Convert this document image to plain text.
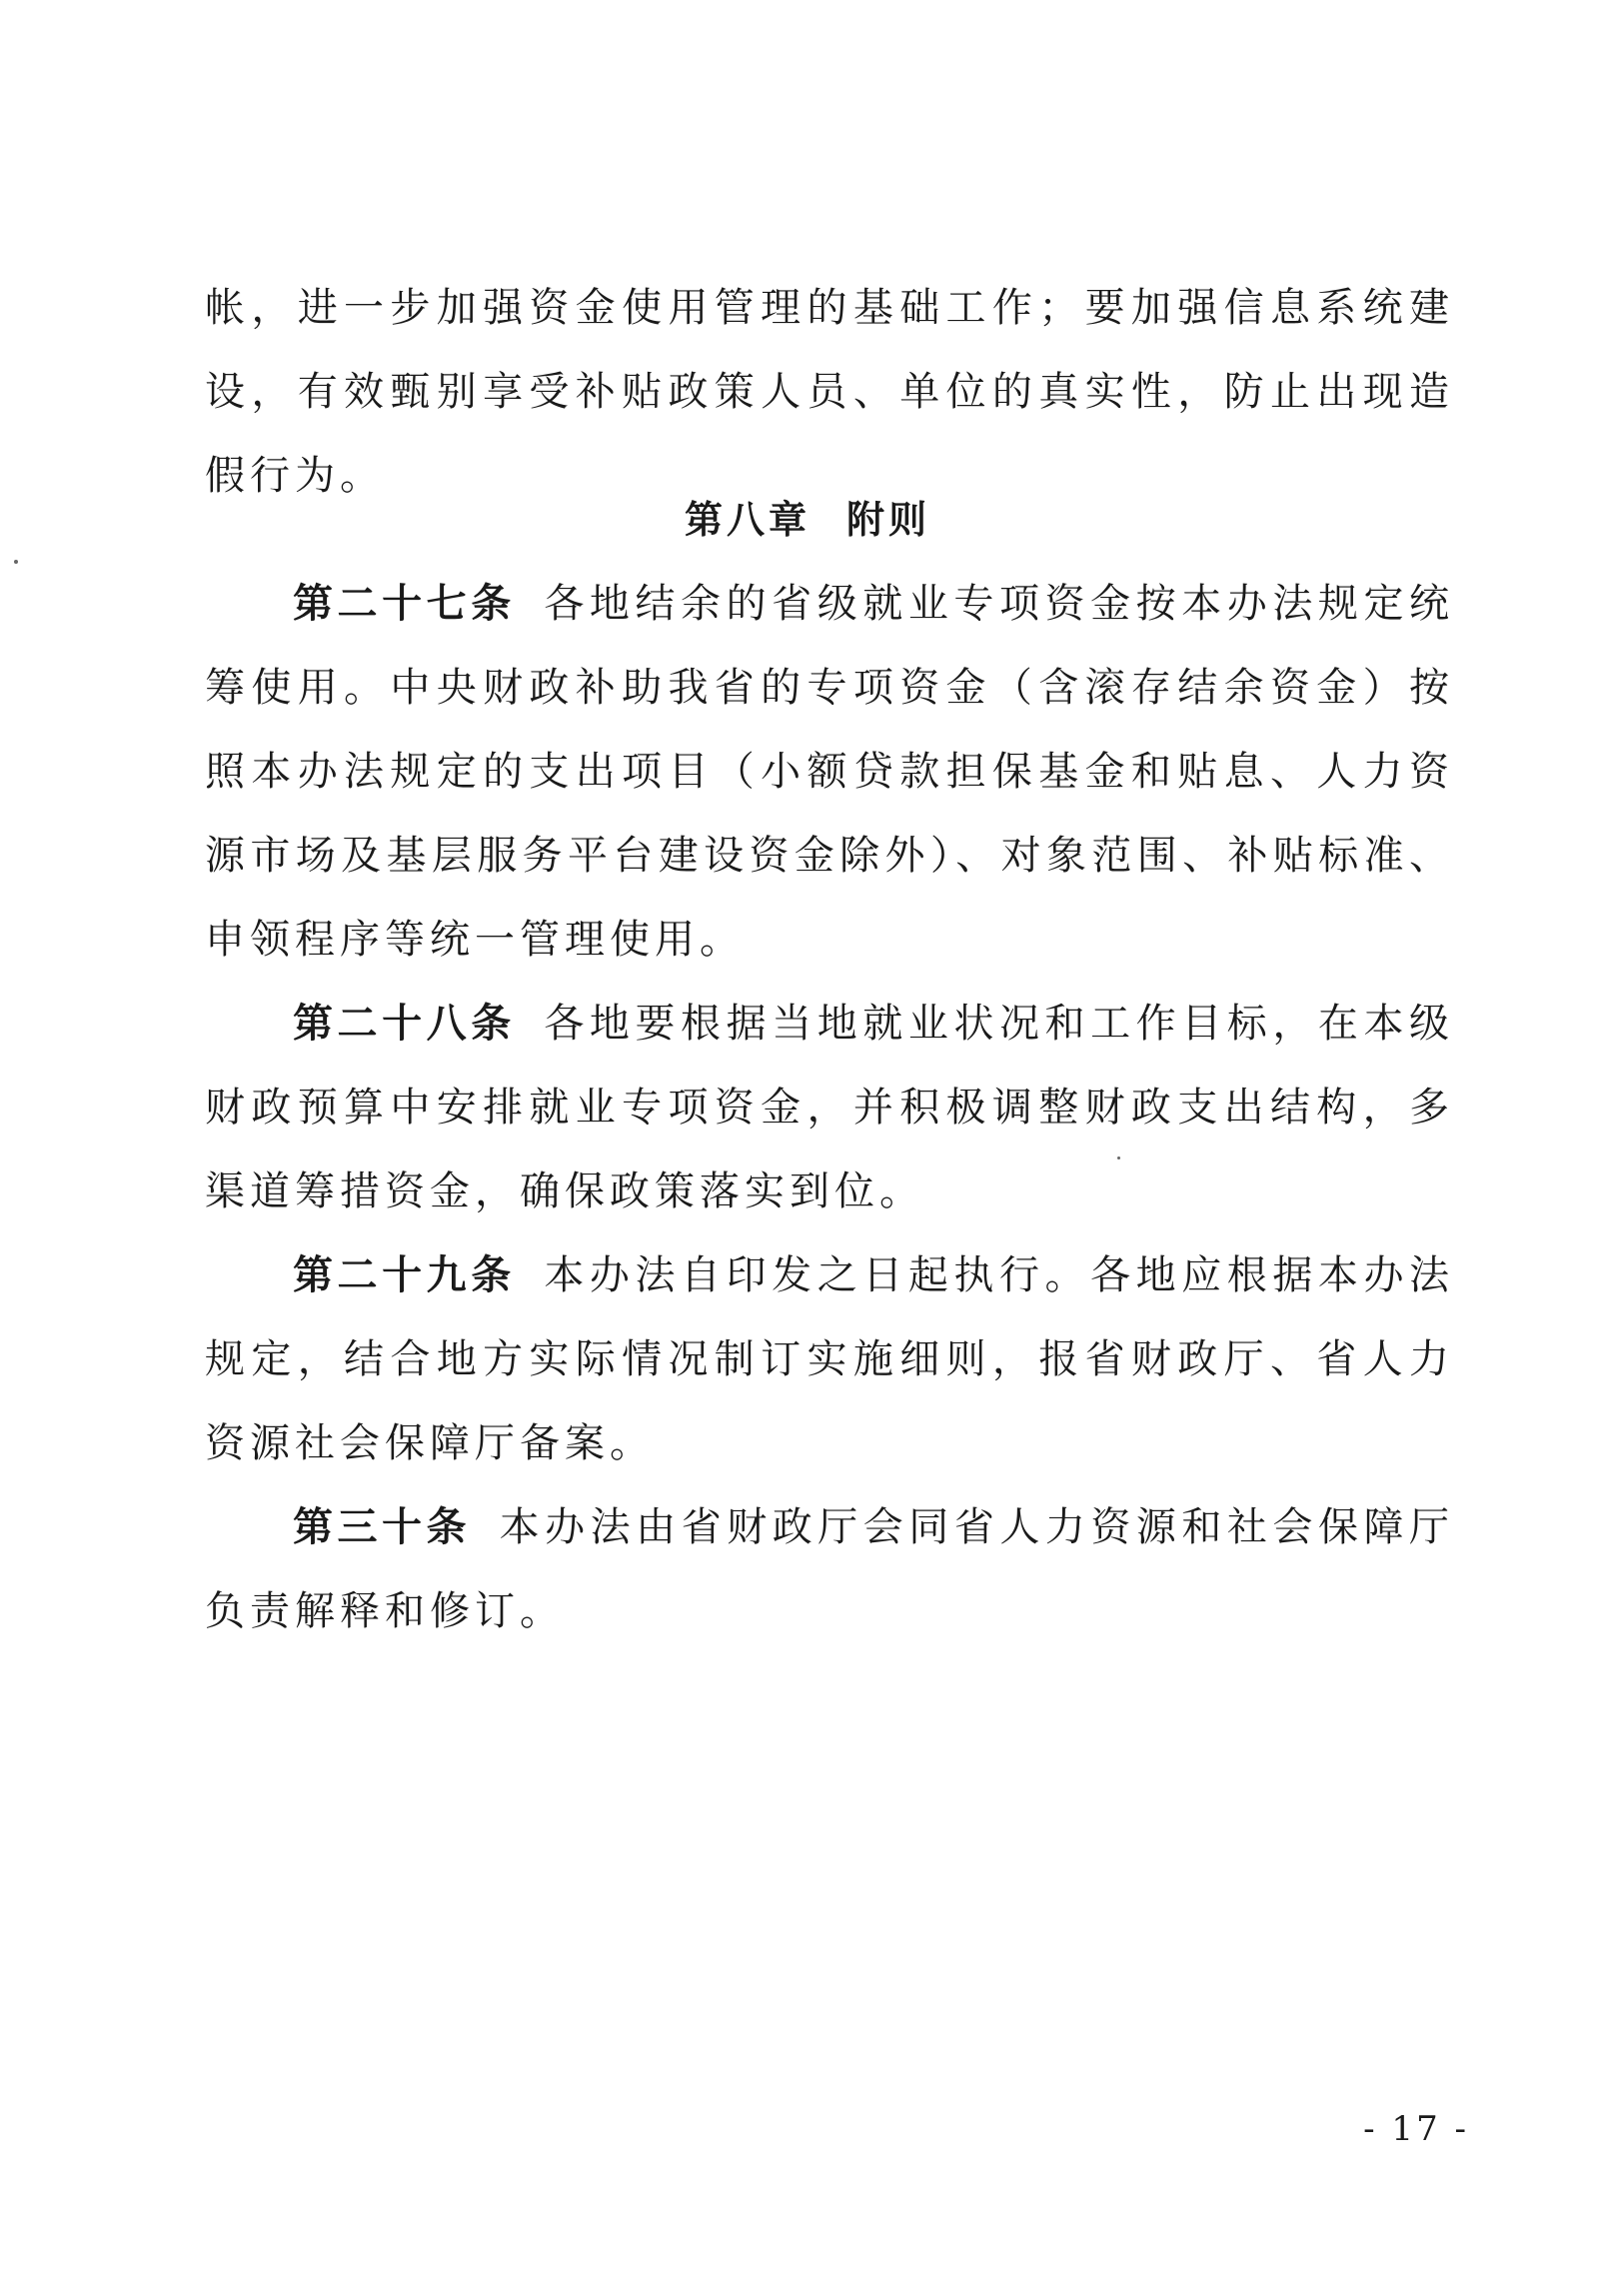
帐，进一步加强资金使用管理的基础工作；要加强信息系统建设，有效甄别享受补贴政策人员、单位的真实性，防止出现造假行为。

第八章 附则

第二十七条 各地结余的省级就业专项资金按本办法规定统筹使用。中央财政补助我省的专项资金（含滚存结余资金）按照本办法规定的支出项目（小额贷款担保基金和贴息、人力资源市场及基层服务平台建设资金除外）、对象范围、补贴标准、申领程序等统一管理使用。

第二十八条 各地要根据当地就业状况和工作目标，在本级财政预算中安排就业专项资金，并积极调整财政支出结构，多渠道筹措资金，确保政策落实到位。

第二十九条 本办法自印发之日起执行。各地应根据本办法规定，结合地方实际情况制订实施细则，报省财政厅、省人力资源社会保障厅备案。

第三十条 本办法由省财政厅会同省人力资源和社会保障厅负责解释和修订。

- 17 -
